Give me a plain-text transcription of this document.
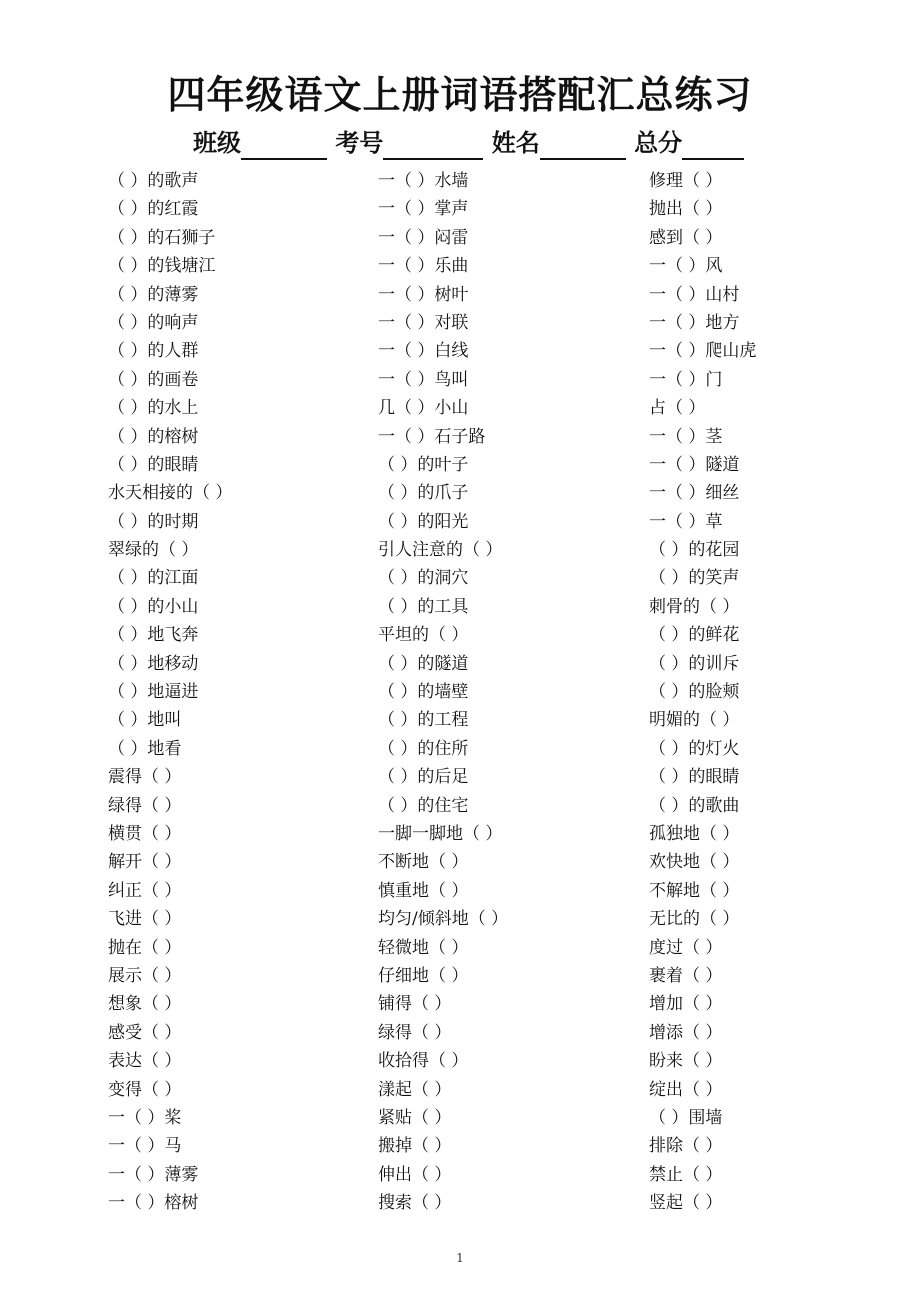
四年级语文上册词语搭配汇总练习
班级	考号	姓名	总分
（ ）的歌声
（ ）的红霞
（ ）的石狮子
（ ）的钱塘江
（ ）的薄雾
（ ）的响声
（ ）的人群
（ ）的画卷
（ ）的水上
（ ）的榕树
（ ）的眼睛
水天相接的（ ）
（ ）的时期
翠绿的（ ）
（ ）的江面
（ ）的小山
（ ）地飞奔
（ ）地移动
（ ）地逼进
（ ）地叫
（ ）地看
震得（ ）
绿得（ ）
横贯（ ）
解开（ ）
纠正（ ）
飞进（ ）
抛在（ ）
展示（ ）
想象（ ）
感受（ ）
表达（ ）
变得（ ）
一（ ）桨
一（ ）马
一（ ）薄雾
一（ ）榕树
一（ ）水墙
一（ ）掌声
一（ ）闷雷
一（ ）乐曲
一（ ）树叶
一（ ）对联
一（ ）白线
一（ ）鸟叫
几（ ）小山
一（ ）石子路
（ ）的叶子
（ ）的爪子
（ ）的阳光
引人注意的（ ）
（ ）的洞穴
（ ）的工具
平坦的（ ）
（ ）的隧道
（ ）的墙壁
（ ）的工程
（ ）的住所
（ ）的后足
（ ）的住宅
一脚一脚地（ ）
不断地（ ）
慎重地（ ）
均匀/倾斜地（ ）
轻微地（ ）
仔细地（ ）
铺得（ ）
绿得（ ）
收拾得（ ）
漾起（ ）
紧贴（ ）
搬掉（ ）
伸出（ ）
搜索（ ）
修理（ ）
抛出（ ）
感到（ ）
一（ ）风
一（ ）山村
一（ ）地方
一（ ）爬山虎
一（ ）门
占（ ）
一（ ）茎
一（ ）隧道
一（ ）细丝
一（ ）草
（ ）的花园
（ ）的笑声
刺骨的（ ）
（ ）的鲜花
（ ）的训斥
（ ）的脸颊
明媚的（ ）
（ ）的灯火
（ ）的眼睛
（ ）的歌曲
孤独地（ ）
欢快地（ ）
不解地（ ）
无比的（ ）
度过（ ）
裹着（ ）
增加（ ）
增添（ ）
盼来（ ）
绽出（ ）
（ ）围墙
排除（ ）
禁止（ ）
竖起（ ）
1
